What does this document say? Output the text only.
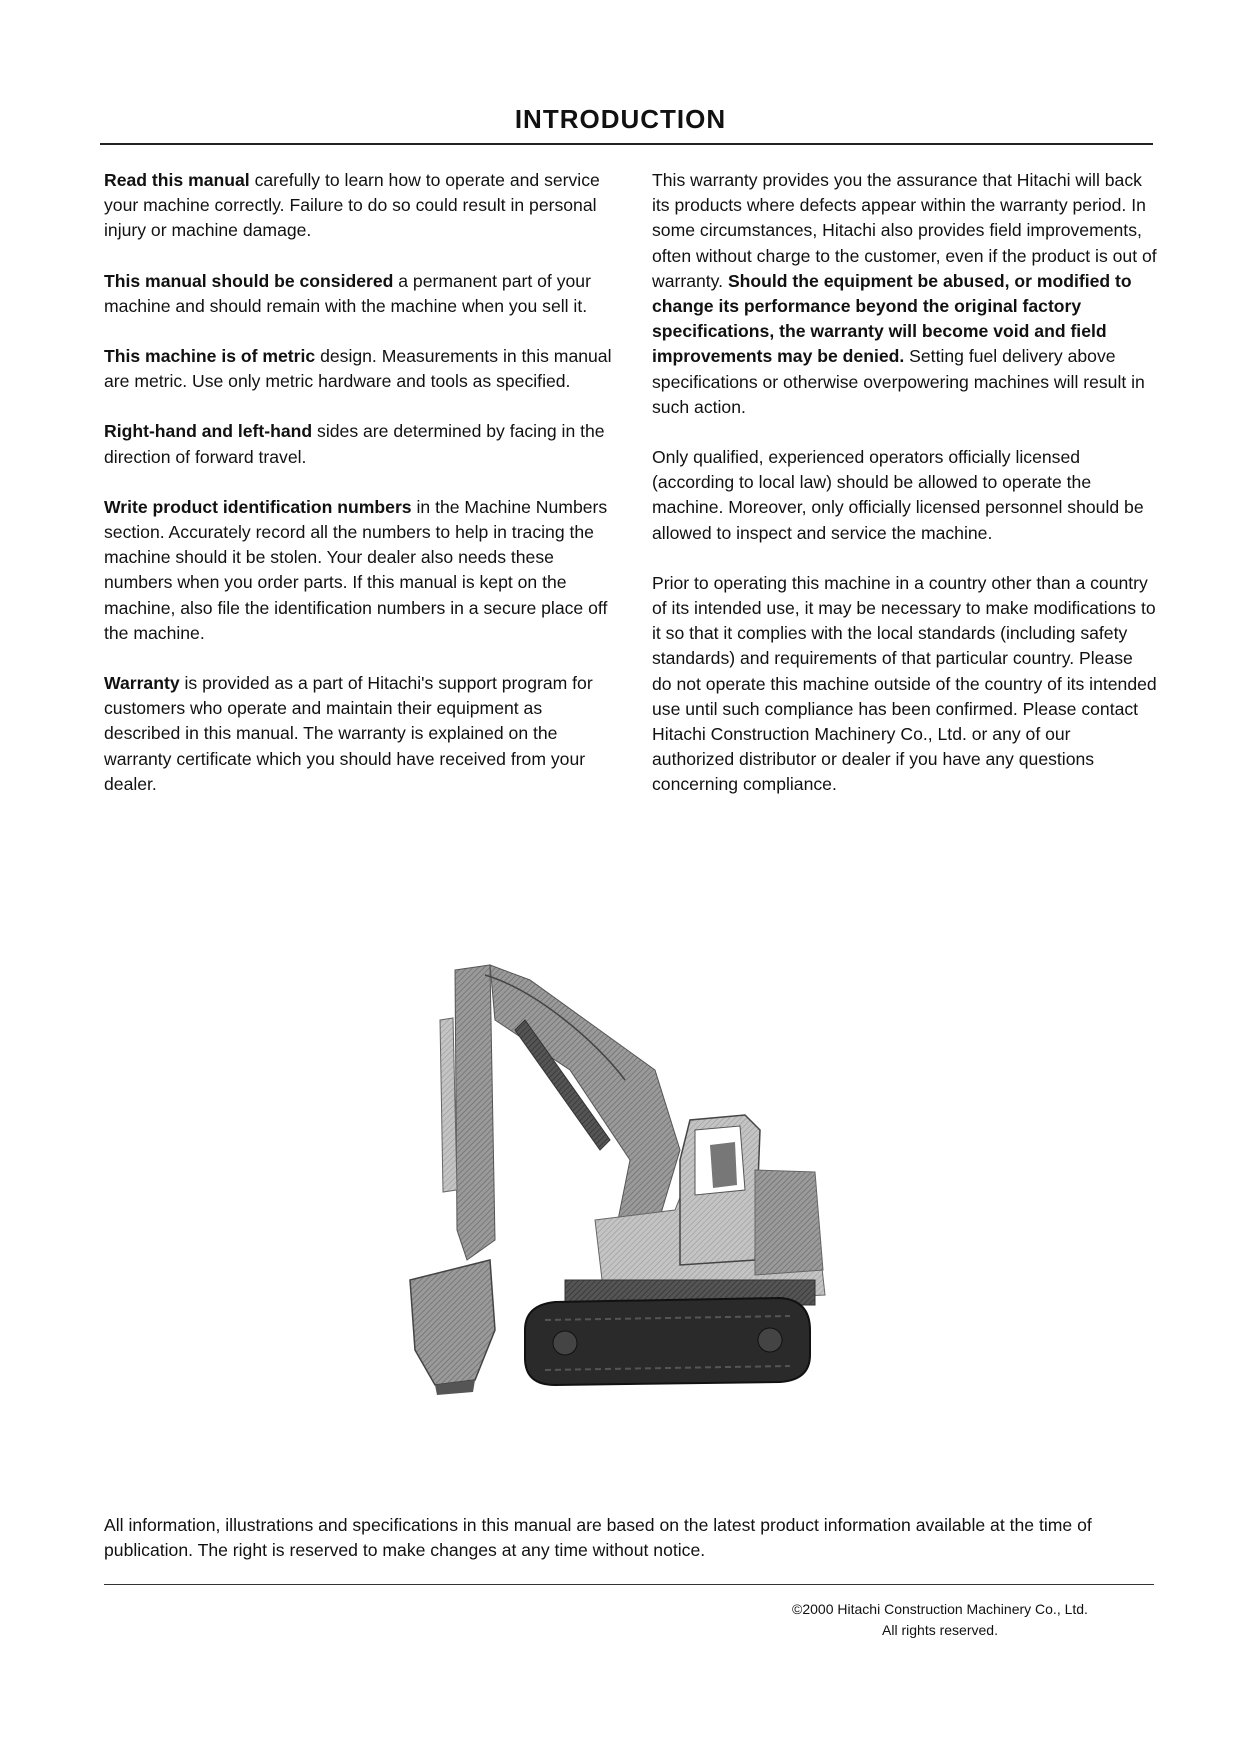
INTRODUCTION

Read this manual carefully to learn how to operate and service your machine correctly. Failure to do so could result in personal injury or machine damage.

This manual should be considered a permanent part of your machine and should remain with the machine when you sell it.

This machine is of metric design. Measurements in this manual are metric. Use only metric hardware and tools as specified.

Right-hand and left-hand sides are determined by facing in the direction of forward travel.

Write product identification numbers in the Machine Numbers section. Accurately record all the numbers to help in tracing the machine should it be stolen. Your dealer also needs these numbers when you order parts. If this manual is kept on the machine, also file the identification numbers in a secure place off the machine.

Warranty is provided as a part of Hitachi's support program for customers who operate and maintain their equipment as described in this manual. The warranty is explained on the warranty certificate which you should have received from your dealer.

This warranty provides you the assurance that Hitachi will back its products where defects appear within the warranty period. In some circumstances, Hitachi also provides field improvements, often without charge to the customer, even if the product is out of warranty. Should the equipment be abused, or modified to change its performance beyond the original factory specifications, the warranty will become void and field improvements may be denied. Setting fuel delivery above specifications or otherwise overpowering machines will result in such action.

Only qualified, experienced operators officially licensed (according to local law) should be allowed to operate the machine. Moreover, only officially licensed personnel should be allowed to inspect and service the machine.

Prior to operating this machine in a country other than a country of its intended use, it may be necessary to make modifications to it so that it complies with the local standards (including safety standards) and requirements of that particular country. Please do not operate this machine outside of the country of its intended use until such compliance has been confirmed. Please contact Hitachi Construction Machinery Co., Ltd. or any of our authorized distributor or dealer if you have any questions concerning compliance.

All information, illustrations and specifications in this manual are based on the latest product information available at the time of publication. The right is reserved to make changes at any time without notice.
©2000 Hitachi Construction Machinery Co., Ltd.
All rights reserved.
